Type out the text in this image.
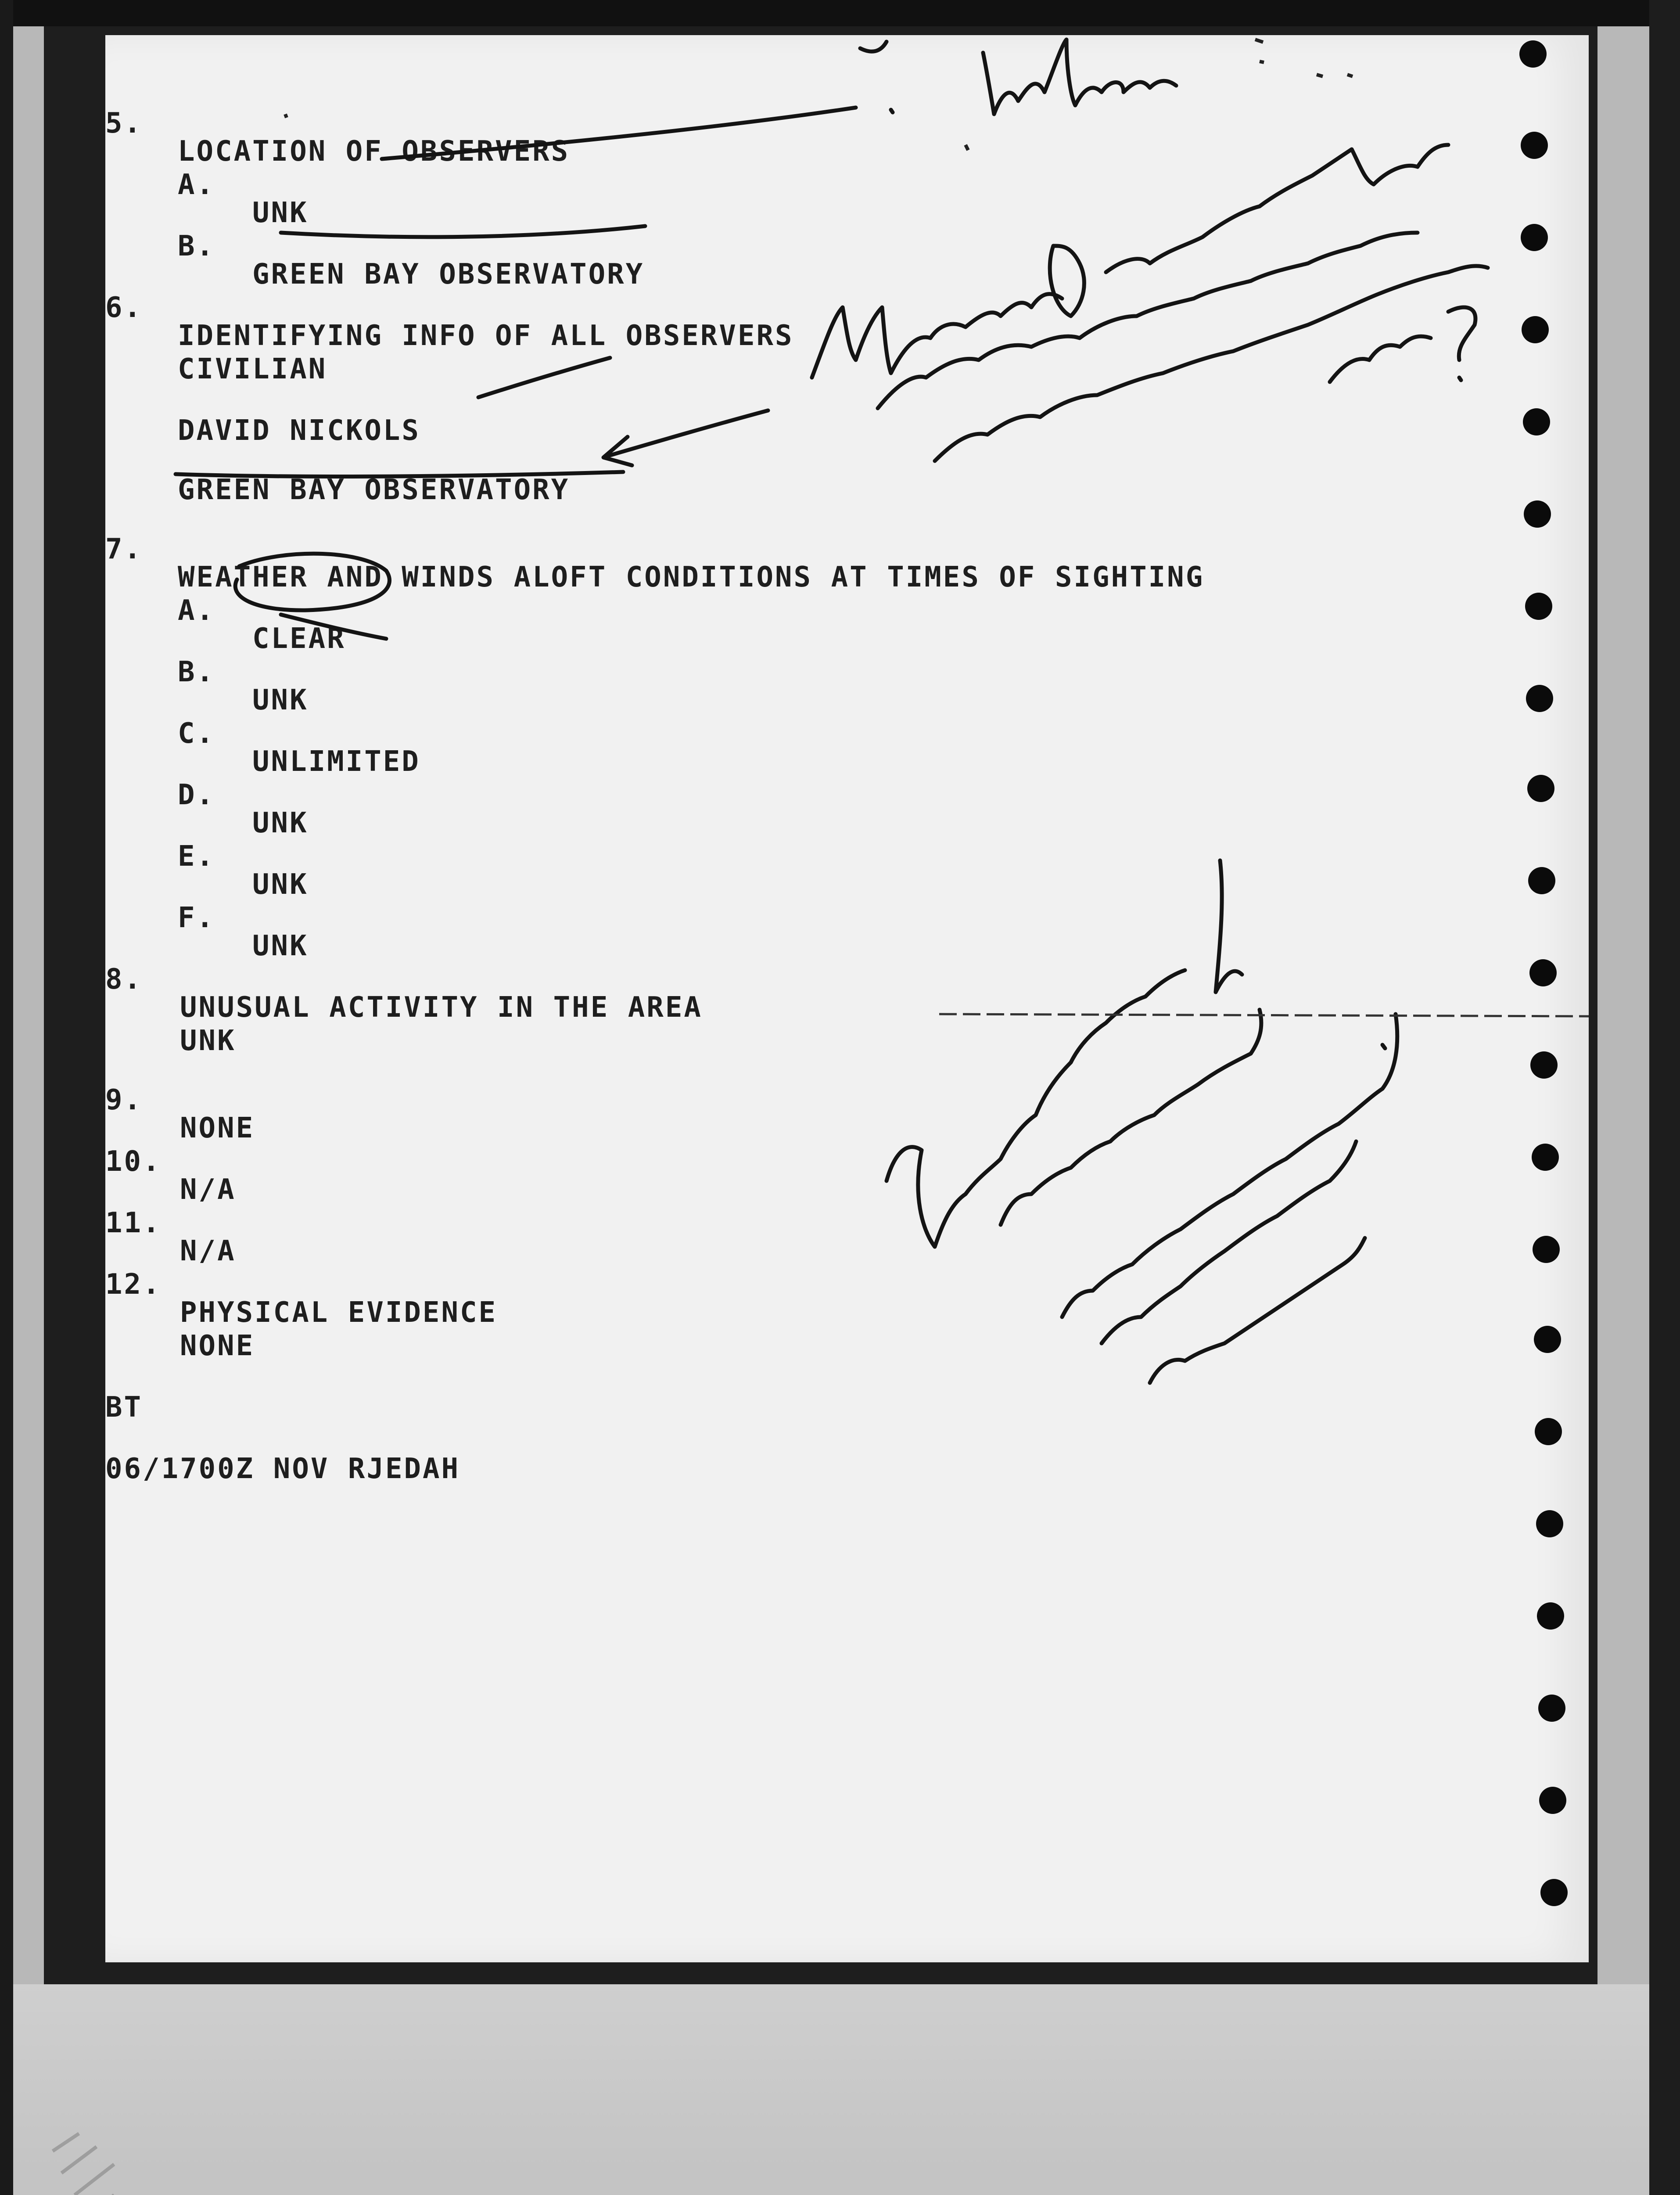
5.

LOCATION OF OBSERVERS

A.

UNK

B.

GREEN BAY OBSERVATORY

6.

IDENTIFYING INFO OF ALL OBSERVERS

CIVILIAN

DAVID NICKOLS

GREEN BAY OBSERVATORY

7.

WEATHER AND WINDS ALOFT CONDITIONS AT TIMES OF SIGHTING

A.

CLEAR

B.

UNK

C.

UNLIMITED

D.

UNK

E.

UNK

F.

UNK

8.

UNUSUAL ACTIVITY IN THE AREA

UNK

9.

NONE

10.

N/A

11.

N/A

12.

PHYSICAL EVIDENCE

NONE

BT

06/1700Z NOV RJEDAH
